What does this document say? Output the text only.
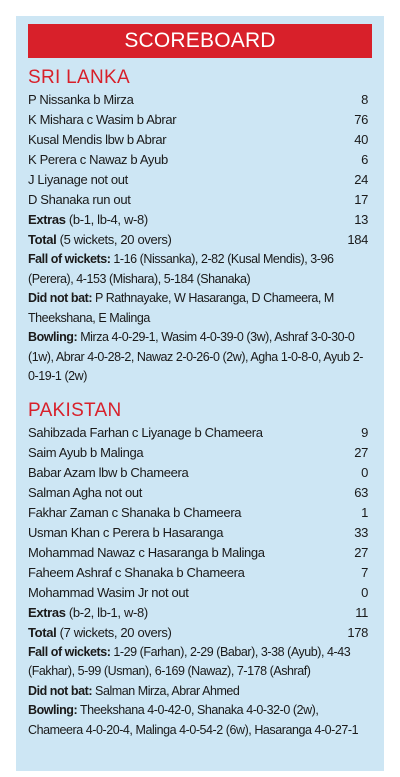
SCOREBOARD
SRI LANKA
P Nissanka b Mirza	8
K Mishara c Wasim b Abrar	76
Kusal Mendis lbw b Abrar	40
K Perera c Nawaz b Ayub	6
J Liyanage not out	24
D Shanaka run out	17
Extras (b-1, lb-4, w-8)	13
Total (5 wickets, 20 overs)	184
Fall of wickets: 1-16 (Nissanka), 2-82 (Kusal Mendis), 3-96 (Perera), 4-153 (Mishara), 5-184 (Shanaka)
Did not bat: P Rathnayake, W Hasaranga, D Chameera, M Theekshana, E Malinga
Bowling: Mirza 4-0-29-1, Wasim 4-0-39-0 (3w), Ashraf 3-0-30-0 (1w), Abrar 4-0-28-2, Nawaz 2-0-26-0 (2w), Agha 1-0-8-0, Ayub 2-0-19-1 (2w)
PAKISTAN
Sahibzada Farhan c Liyanage b Chameera	9
Saim Ayub b Malinga	27
Babar Azam lbw b Chameera	0
Salman Agha not out	63
Fakhar Zaman c Shanaka b Chameera	1
Usman Khan c Perera b Hasaranga	33
Mohammad Nawaz c Hasaranga b Malinga	27
Faheem Ashraf c Shanaka b Chameera	7
Mohammad Wasim Jr not out	0
Extras (b-2, lb-1, w-8)	11
Total (7 wickets, 20 overs)	178
Fall of wickets: 1-29 (Farhan), 2-29 (Babar), 3-38 (Ayub), 4-43 (Fakhar), 5-99 (Usman), 6-169 (Nawaz), 7-178 (Ashraf)
Did not bat: Salman Mirza, Abrar Ahmed
Bowling: Theekshana 4-0-42-0, Shanaka 4-0-32-0 (2w), Chameera 4-0-20-4, Malinga 4-0-54-2 (6w), Hasaranga 4-0-27-1
